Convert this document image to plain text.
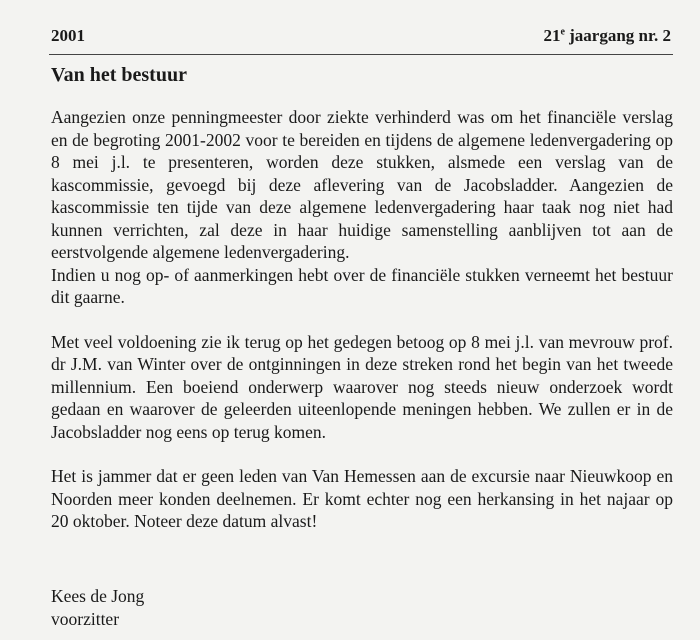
2001	21e jaargang nr. 2
Van het bestuur

Aangezien onze penningmeester door ziekte verhinderd was om het financiële verslag en de begroting 2001-2002 voor te bereiden en tijdens de algemene ledenvergadering op 8 mei j.l. te presenteren, worden deze stukken, alsmede een verslag van de kascommissie, gevoegd bij deze aflevering van de Jacobsladder. Aangezien de kascommissie ten tijde van deze algemene ledenvergadering haar taak nog niet had kunnen verrichten, zal deze in haar huidige samenstelling aanblijven tot aan de eerstvolgende algemene ledenvergadering.

Indien u nog op- of aanmerkingen hebt over de financiële stukken verneemt het bestuur dit gaarne.

Met veel voldoening zie ik terug op het gedegen betoog op 8 mei j.l. van mevrouw prof. dr J.M. van Winter over de ontginningen in deze streken rond het begin van het tweede millennium. Een boeiend onderwerp waarover nog steeds nieuw onderzoek wordt gedaan en waarover de geleerden uiteenlopende meningen hebben. We zullen er in de Jacobsladder nog eens op terug komen.

Het is jammer dat er geen leden van Van Hemessen aan de excursie naar Nieuwkoop en Noorden meer konden deelnemen. Er komt echter nog een herkansing in het najaar op 20 oktober. Noteer deze datum alvast!

Kees de Jong
voorzitter
